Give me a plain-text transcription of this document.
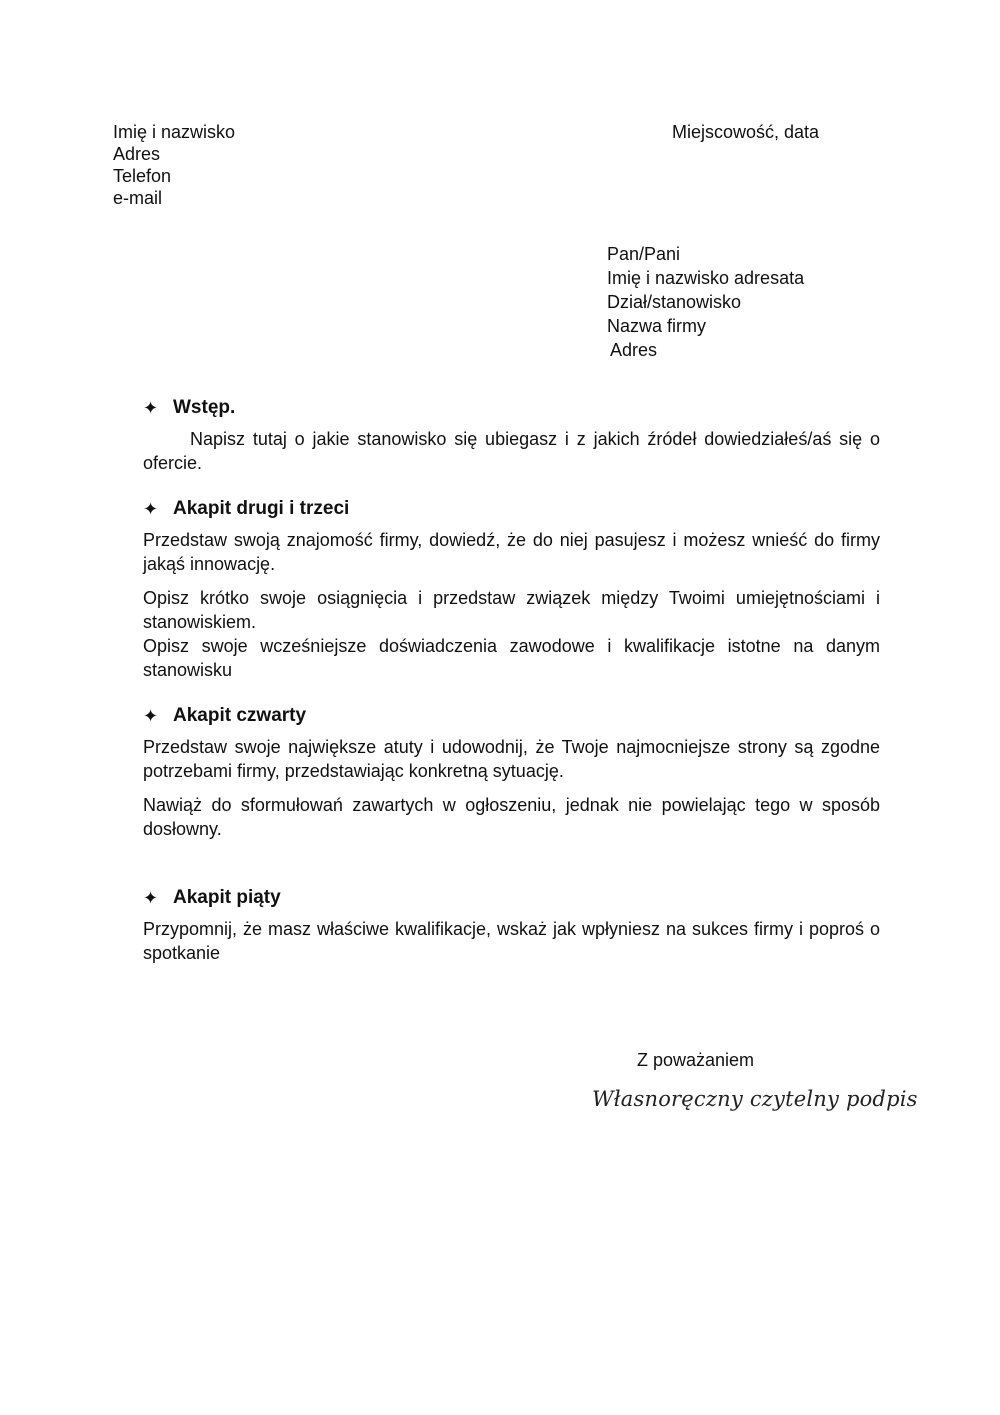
Imię i nazwisko
Adres
Telefon
e-mail
Miejscowość, data
Pan/Pani
Imię i nazwisko adresata
Dział/stanowisko
Nazwa firmy
Adres
✦ Wstęp.

Napisz tutaj o jakie stanowisko się ubiegasz i z jakich źródeł dowiedziałeś/aś się o ofercie.

✦ Akapit drugi i trzeci

Przedstaw swoją znajomość firmy, dowiedź, że do niej pasujesz i możesz wnieść do firmy jakąś innowację.

Opisz krótko swoje osiągnięcia i przedstaw związek między Twoimi umiejętnościami i stanowiskiem.

Opisz swoje wcześniejsze doświadczenia zawodowe i kwalifikacje istotne na danym stanowisku

✦ Akapit czwarty

Przedstaw swoje największe atuty i udowodnij, że Twoje najmocniejsze strony są zgodne potrzebami firmy, przedstawiając konkretną sytuację.

Nawiąż do sformułowań zawartych w ogłoszeniu, jednak nie powielając tego w sposób dosłowny.

✦ Akapit piąty

Przypomnij, że masz właściwe kwalifikacje, wskaż jak wpłyniesz na sukces firmy i poproś o spotkanie

Z poważaniem
Własnoręczny czytelny podpis
